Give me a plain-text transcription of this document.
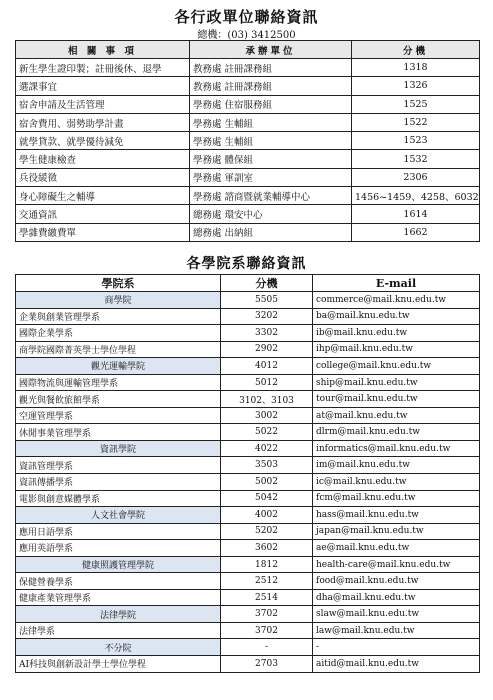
各行政單位聯絡資訊
總機：(03) 3412500
相 關 事 項	承辦單位	分機
新生學生證印製；註冊後休、退學	教務處 註冊課務組	1318
選課事宜	教務處 註冊課務組	1326
宿舍申請及生活管理	學務處 住宿服務組	1525
宿舍費用、弱勢助學計畫	學務處 生輔組	1522
就學貸款、就學優待減免	學務處 生輔組	1523
學生健康檢查	學務處 體保組	1532
兵役緩徵	學務處 軍訓室	2306
身心障礙生之輔導	學務處 諮商暨就業輔導中心	1456~1459、4258、6032
交通資訊	總務處 環安中心	1614
學雜費繳費單	總務處 出納組	1662
各學院系聯絡資訊
學院系	分機	E-mail
商學院	5505	commerce@mail.knu.edu.tw
企業與創業管理學系	3202	ba@mail.knu.edu.tw
國際企業學系	3302	ib@mail.knu.edu.tw
商學院國際菁英學士學位學程	2902	ihp@mail.knu.edu.tw
觀光運輸學院	4012	college@mail.knu.edu.tw
國際物流與運輸管理學系	5012	ship@mail.knu.edu.tw
觀光與餐飲旅館學系	3102、3103	tour@mail.knu.edu.tw
空運管理學系	3002	at@mail.knu.edu.tw
休閒事業管理學系	5022	dlrm@mail.knu.edu.tw
資訊學院	4022	informatics@mail.knu.edu.tw
資訊管理學系	3503	im@mail.knu.edu.tw
資訊傳播學系	5002	ic@mail.knu.edu.tw
電影與創意媒體學系	5042	fcm@mail.knu.edu.tw
人文社會學院	4002	hass@mail.knu.edu.tw
應用日語學系	5202	japan@mail.knu.edu.tw
應用英語學系	3602	ae@mail.knu.edu.tw
健康照護管理學院	1812	health-care@mail.knu.edu.tw
保健營養學系	2512	food@mail.knu.edu.tw
健康產業管理學系	2514	dha@mail.knu.edu.tw
法律學院	3702	slaw@mail.knu.edu.tw
法律學系	3702	law@mail.knu.edu.tw
不分院	-	-
AI科技與創新設計學士學位學程	2703	aitid@mail.knu.edu.tw
